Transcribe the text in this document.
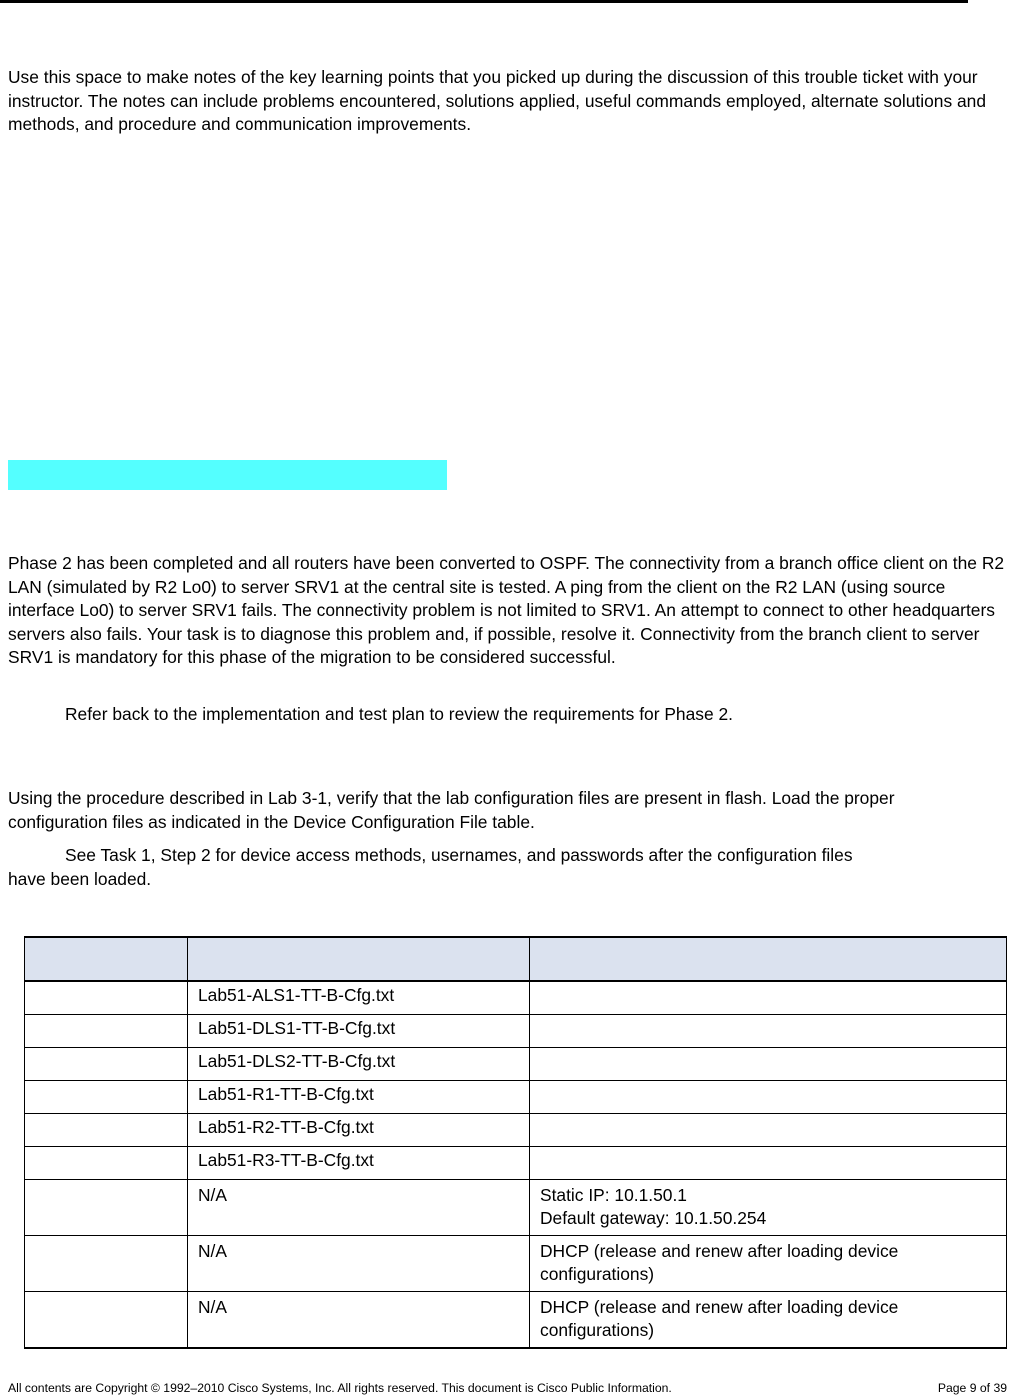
Use this space to make notes of the key learning points that you picked up during the discussion of this trouble ticket with your instructor. The notes can include problems encountered, solutions applied, useful commands employed, alternate solutions and methods, and procedure and communication improvements.

Phase 2 has been completed and all routers have been converted to OSPF. The connectivity from a branch office client on the R2 LAN (simulated by R2 Lo0) to server SRV1 at the central site is tested. A ping from the client on the R2 LAN (using source interface Lo0) to server SRV1 fails. The connectivity problem is not limited to SRV1. An attempt to connect to other headquarters servers also fails. Your task is to diagnose this problem and, if possible, resolve it. Connectivity from the branch client to server SRV1 is mandatory for this phase of the migration to be considered successful.

Refer back to the implementation and test plan to review the requirements for Phase 2.

Using the procedure described in Lab 3-1, verify that the lab configuration files are present in flash. Load the proper configuration files as indicated in the Device Configuration File table.

See Task 1, Step 2 for device access methods, usernames, and passwords after the configuration files
have been loaded.

	Lab51-ALS1-TT-B-Cfg.txt	

	Lab51-DLS1-TT-B-Cfg.txt	

	Lab51-DLS2-TT-B-Cfg.txt	

	Lab51-R1-TT-B-Cfg.txt	

	Lab51-R2-TT-B-Cfg.txt	

	Lab51-R3-TT-B-Cfg.txt	

	N/A	Static IP: 10.1.50.1
Default gateway: 10.1.50.254

	N/A	DHCP (release and renew after loading device
configurations)

	N/A	DHCP (release and renew after loading device
configurations)
All contents are Copyright © 1992–2010 Cisco Systems, Inc. All rights reserved. This document is Cisco Public Information.	Page 9 of 39
